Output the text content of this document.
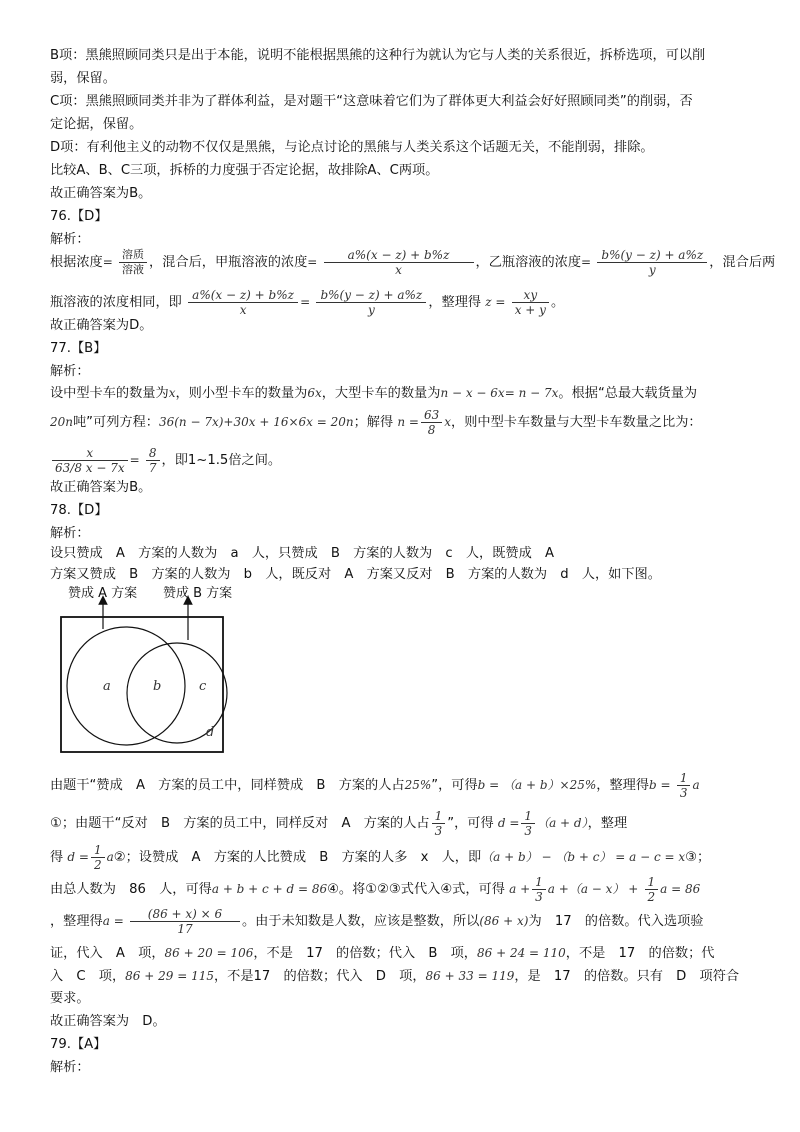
B项：黑熊照顾同类只是出于本能，说明不能根据黑熊的这种行为就认为它与人类的关系很近，拆桥选项，可以削
弱，保留。
C项：黑熊照顾同类并非为了群体利益，是对题干“这意味着它们为了群体更大利益会好好照顾同类”的削弱，否
定论据，保留。
D项：有利他主义的动物不仅仅是黑熊，与论点讨论的黑熊与人类关系这个话题无关，不能削弱，排除。
比较A、B、C三项，拆桥的力度强于否定论据，故排除A、C两项。
故正确答案为B。
76.【D】
解析：
根据浓度= $\frac{\text{溶质}}{\text{溶液}}$ ，混合后，甲瓶溶液的浓度= $\frac{a\%(x - z) + b\%z}{x}$ ，乙瓶溶液的浓度= $\frac{b\%(y - z) + a\%z}{y}$ ，混合后两
瓶溶液的浓度相同，即 $\frac{a\%(x - z) + b\%z}{x} = \frac{b\%(y - z) + a\%z}{y}$ ，整理得 $z = \frac{xy}{x + y}$ 。
故正确答案为D。
77.【B】
解析：
设中型卡车的数量为x，则小型卡车的数量为6x，大型卡车的数量为n − x − 6x= n − 7x。根据“总最大载货量为
20n吨”可列方程：36(n − 7x)+30x + 16×6x = 20n；解得 $n = \frac{63}{8}$ x，则中型卡车数量与大型卡车数量之比为：
$\frac{x}{63/8 x - 7x} = \frac{8}{7}$ ，即1~1.5倍之间。
故正确答案为B。
78.【D】
解析：
设只赞成　A　方案的人数为　a　人，只赞成　B　方案的人数为　c　人，既赞成　A
方案又赞成　B　方案的人数为　b　人，既反对　A　方案又反对　B　方案的人数为　d　人，如下图。
赞成 A 方案 赞成 B 方案
a	b	c
d
由题干“赞成　A　方案的员工中，同样赞成　B　方案的人占25%”，可得b = （a + b）×25%，整理得$b = \frac{1}{3}$ a
①；由题干“反对　B　方案的员工中，同样反对　A　方案的人占 $\frac{1}{3}$ ”，可得 $d = \frac{1}{3} (a + d)$，整理
得 $d = \frac{1}{2}$ a②；设赞成　A　方案的人比赞成　B　方案的人多　x　人，即（a + b） − （b + c） = a − c = x③；
由总人数为　86　人，可得a + b + c + d = 86④。将①②③式代入④式，可得 $a + \frac{1}{3}$ $a +(a - x) + \frac{1}{2}$ a = 86
，整理得$a = \frac{(86 + x) \times 6}{17}$ 。由于未知数是人数，应该是整数，所以(86 + x)为　17　的倍数。代入选项验
证，代入　A　项，86 + 20 = 106，不是　17　的倍数；代入　B　项，86 + 24 = 110，不是　17　的倍数；代
入　C　项，86 + 29 = 115，不是17　的倍数；代入　D　项，86 + 33 = 119，是　17　的倍数。只有　D　项符合
要求。
故正确答案为　D。
79.【A】
解析：
